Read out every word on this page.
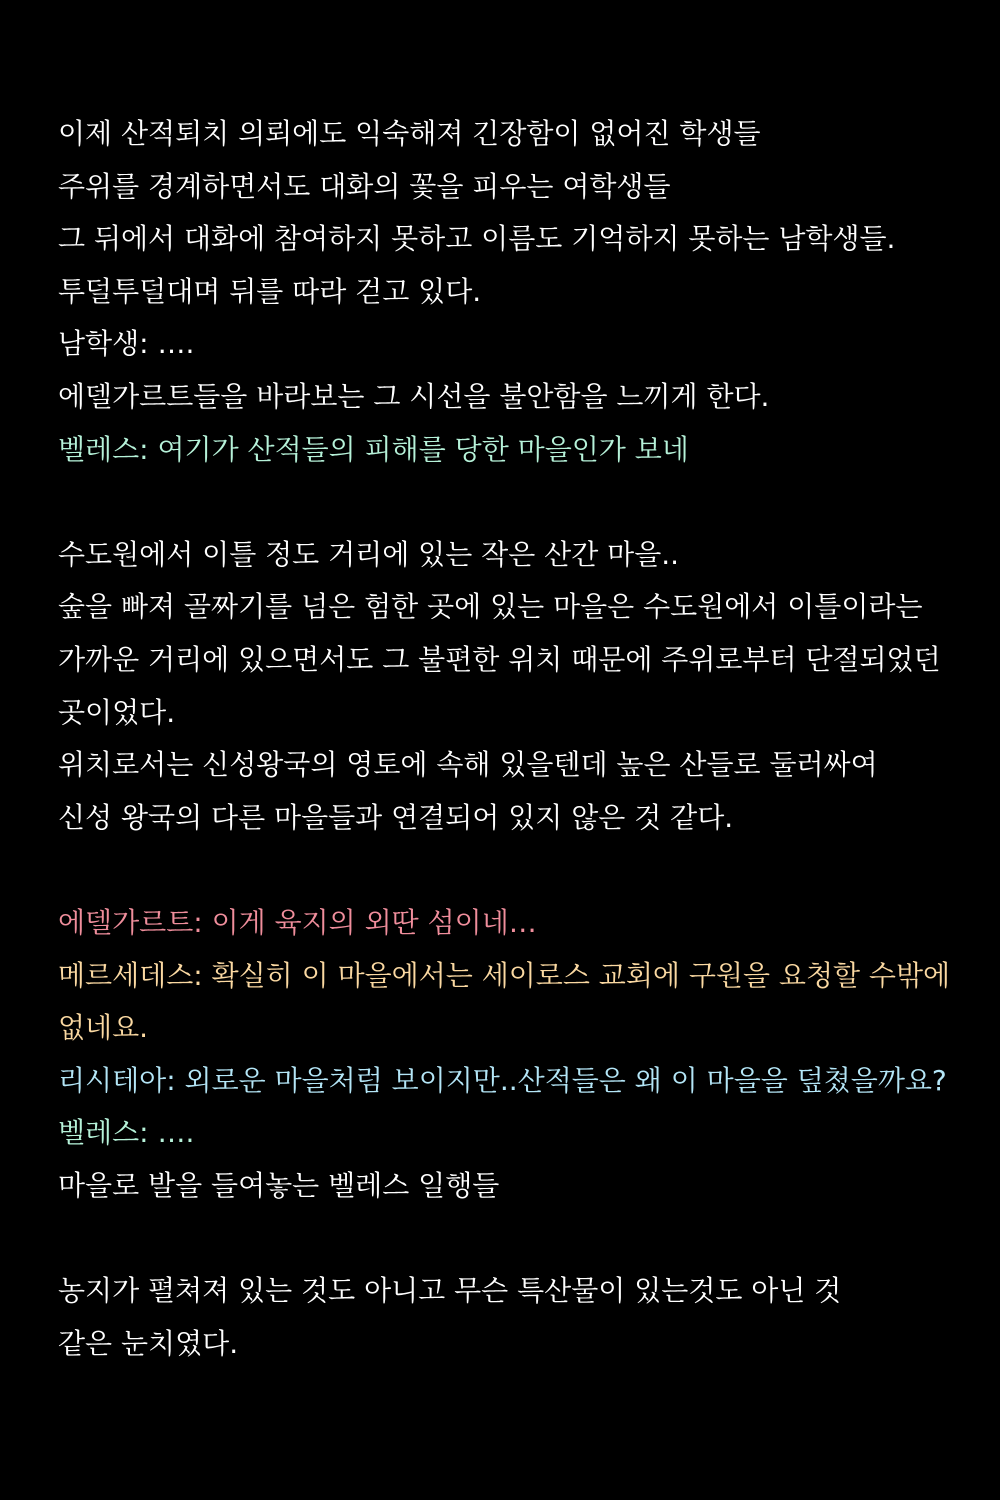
이제 산적퇴치 의뢰에도 익숙해져 긴장함이 없어진 학생들
주위를 경계하면서도 대화의 꽃을 피우는 여학생들
그 뒤에서 대화에 참여하지 못하고 이름도 기억하지 못하는 남학생들.
투덜투덜대며 뒤를 따라 걷고 있다.
남학생: ….
에델가르트들을 바라보는 그 시선을 불안함을 느끼게 한다.
벨레스: 여기가 산적들의 피해를 당한 마을인가 보네
수도원에서 이틀 정도 거리에 있는 작은 산간 마을..
숲을 빠져 골짜기를 넘은 험한 곳에 있는 마을은 수도원에서 이틀이라는
가까운 거리에 있으면서도 그 불편한 위치 때문에 주위로부터 단절되었던
곳이었다.
위치로서는 신성왕국의 영토에 속해 있을텐데 높은 산들로 둘러싸여
신성 왕국의 다른 마을들과 연결되어 있지 않은 것 같다.
에델가르트: 이게 육지의 외딴 섬이네…
메르세데스: 확실히 이 마을에서는 세이로스 교회에 구원을 요청할 수밖에
없네요.
리시테아: 외로운 마을처럼 보이지만..산적들은 왜 이 마을을 덮쳤을까요?
벨레스: ….
마을로 발을 들여놓는 벨레스 일행들
농지가 펼쳐져 있는 것도 아니고 무슨 특산물이 있는것도 아닌 것
같은 눈치였다.
